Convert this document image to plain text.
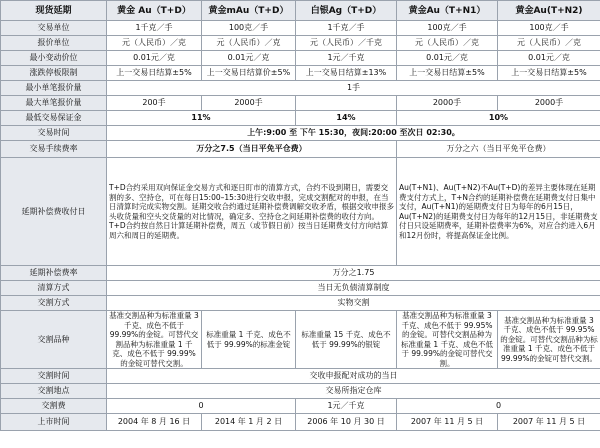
现货延期	黄金 Au（T+D）	黄金mAu（T+D）	白银Ag（T+D）	黄金Au（T+N1）	黄金Au(T+N2)
交易单位	1千克／手	100克／手	1千克／手	100克／手	100克／手
报价单位	元（人民币）／克	元（人民币）／克	元（人民币）／千克	元（人民币）／克	元（人民币）／克
最小变动价位	0.01元／克	0.01元／克	1元／千克	0.01元／克	0.01元／克
涨跌停板限制	上一交易日结算±5%	上一交易日结算价±5%	上一交易日结算±13%	上一交易日结算±5%	上一交易日结算±5%
最小单笔报价量	1手				
最大单笔报价量	200手	2000手		2000手	2000手
最低交易保证金	11%		14%	10%	
交易时间	上午:9:00 至 下午 15:30，夜间:20:00 至次日 02:30。				
交易手续费率	万分之7.5（当日平免平仓费）			万分之六（当日平免平仓费）	
延期补偿费收付日	T+D合约采用双向保证金交易方式和逐日盯市的清算方式，合约不设到期日，需要交割的多、空持仓，可在每日15:00–15:30进行交收申报，完成交割配对的申报，在当日清算时完成实物交割。延期交收合约通过延期补偿费调解交收矛盾，根据交收申报多头收货量和空头交货量的对比情况，确定多、空持仓之间延期补偿费的收付方向。T+D合约按自然日计算延期补偿费，周五（或节假日前）按当日延期费支付方向结算周六和周日的延期费。			Au(T+N1)、Au(T+N2)不Au(T+D)的差异主要体现在延期费支付方式上，T+N合约的延期补偿费在延期费支付日集中支付，Au(T+N1)的延期费支付日为每年的6月15日，Au(T+N2)的延期费支付日为每年的12月15日，非延期费支付日只设延期费率，延期补偿费率为6%，对应合约进入6月和12月份时，将提高保证金比例。	
延期补偿费率	万分之1.75				
清算方式	当日无负债清算制度				
交割方式	实物交割				
交割品种	基准交割品种为标准重量 3 千克、成色不低于 99.99%的金锭。可替代交割品种为标准重量 1 千克、成色不低于 99.99%的金锭可替代交割。	标准重量 1 千克、成色不低于 99.99%的标准金锭	标准重量 15 千克、成色不低于 99.99%的银锭	基准交割品种为标准重量 3 千克、成色不低于 99.95%的金锭。可替代交割品种为标准重量 1 千克、成色不低于 99.99%的金锭可替代交割。	基准交割品种为标准重量 3 千克、成色不低于 99.95%的金锭。可替代交割品种为标准重量 1 千克、成色不低于 99.99%的金锭可替代交割。
交割时间	交收申报配对成功的当日				
交割地点	交易所指定仓库				
交割费	0		1元／千克	0	
上市时间	2004 年 8 月 16 日	2014 年 1 月 2 日	2006 年 10 月 30 日	2007 年 11 月 5 日	2007 年 11 月 5 日
